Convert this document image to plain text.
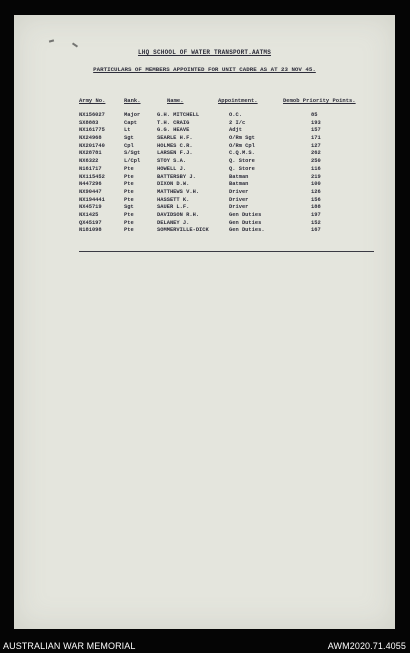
LHQ SCHOOL OF WATER TRANSPORT.AATMS
PARTICULARS OF MEMBERS APPOINTED FOR UNIT CADRE AS AT 23 NOV 45.
Army No.	Rank.	Name.	Appointment.	Demob Priority Points.
NX156027	Major	G.H. MITCHELL	O.C.	85
SX8883	Capt	T.H. CRAIG	2 I/c	193
NX161775	Lt	G.G. HEAVE	Adjt	157
NX24968	Sgt	SEARLE H.F.	O/Rm Sgt	171
NX201740	Cpl	HOLMES C.R.	O/Rm Cpl	127
NX28781	S/Sgt	LARSEN F.J.	C.Q.M.S.	262
NX6322	L/Cpl	STOY S.A.	Q. Store	250
N161717	Pte	HOWELL J.	Q. Store	116
NX115452	Pte	BATTERSBY J.	Batman	219
N447296	Pte	DIXON D.W.	Batman	100
NX90447	Pte	MATTHEWS V.H.	Driver	126
NX194441	Pte	HASSETT K.	Driver	156
NX45719	Sgt	SAUER L.F.	Driver	188
NX1425	Pte	DAVIDSON R.H.	Gen Duties	197
QX45197	Pte	DELANEY J.	Gen Duties	152
N181098	Pte	SOMMERVILLE-DICK	Gen Duties.	167
AUSTRALIAN WAR MEMORIAL	AWM2020.71.4055
